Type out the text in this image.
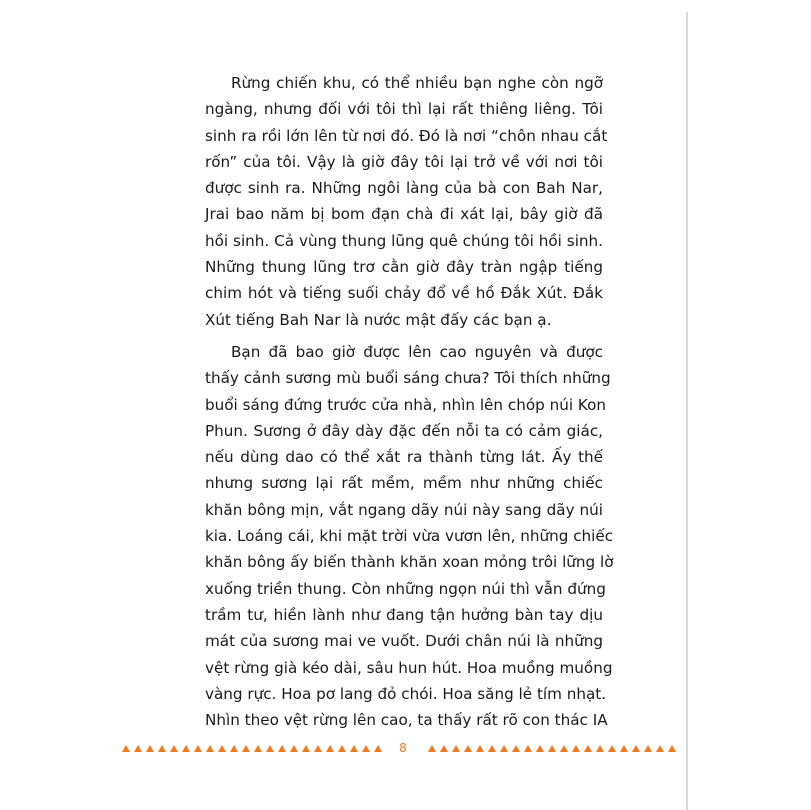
Rừng chiến khu, có thể nhiều bạn nghe còn ngỡ
ngàng, nhưng đối với tôi thì lại rất thiêng liêng. Tôi
sinh ra rồi lớn lên từ nơi đó. Đó là nơi “chôn nhau cắt
rốn” của tôi. Vậy là giờ đây tôi lại trở về với nơi tôi
được sinh ra. Những ngôi làng của bà con Bah Nar,
Jrai bao năm bị bom đạn chà đi xát lại, bây giờ đã
hồi sinh. Cả vùng thung lũng quê chúng tôi hồi sinh.
Những thung lũng trơ cằn giờ đây tràn ngập tiếng
chim hót và tiếng suối chảy đổ về hồ Đắk Xút. Đắk
Xút tiếng Bah Nar là nước mật đấy các bạn ạ.
Bạn đã bao giờ được lên cao nguyên và được
thấy cảnh sương mù buổi sáng chưa? Tôi thích những
buổi sáng đứng trước cửa nhà, nhìn lên chóp núi Kon
Phun. Sương ở đây dày đặc đến nỗi ta có cảm giác,
nếu dùng dao có thể xắt ra thành từng lát. Ấy thế
nhưng sương lại rất mềm, mềm như những chiếc
khăn bông mịn, vắt ngang dãy núi này sang dãy núi
kia. Loáng cái, khi mặt trời vừa vươn lên, những chiếc
khăn bông ấy biến thành khăn xoan mỏng trôi lững lờ
xuống triền thung. Còn những ngọn núi thì vẫn đứng
trầm tư, hiền lành như đang tận hưởng bàn tay dịu
mát của sương mai ve vuốt. Dưới chân núi là những
vệt rừng già kéo dài, sâu hun hút. Hoa muồng muồng
vàng rực. Hoa pơ lang đỏ chói. Hoa săng lẻ tím nhạt.
Nhìn theo vệt rừng lên cao, ta thấy rất rõ con thác IA
8
